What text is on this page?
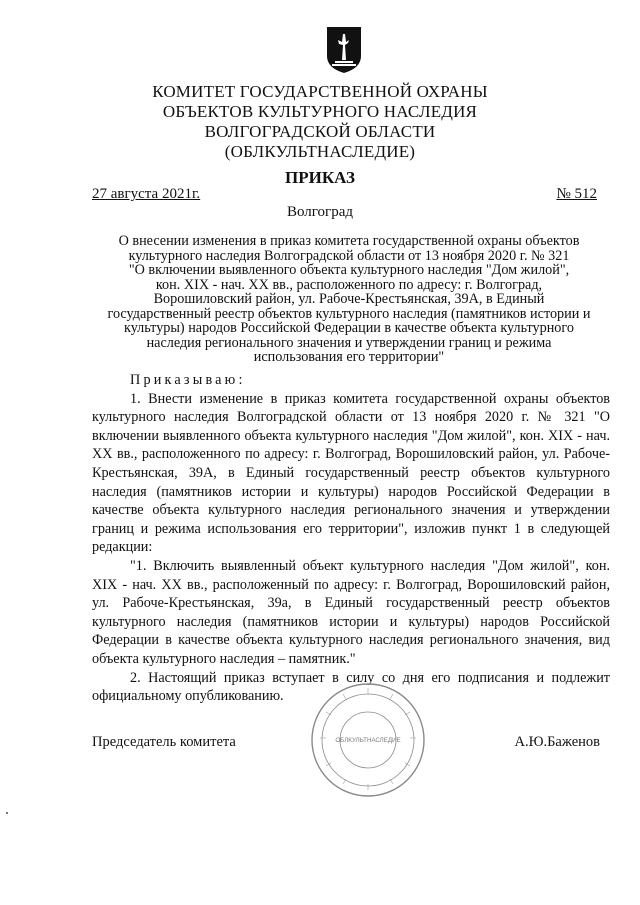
КОМИТЕТ ГОСУДАРСТВЕННОЙ ОХРАНЫ
ОБЪЕКТОВ КУЛЬТУРНОГО НАСЛЕДИЯ
ВОЛГОГРАДСКОЙ ОБЛАСТИ
(ОБЛКУЛЬТНАСЛЕДИЕ)
ПРИКАЗ
27 августа 2021г.	№ 512
Волгоград
О внесении изменения в приказ комитета государственной охраны объектов
культурного наследия Волгоградской области от 13 ноября 2020 г. № 321
"О включении выявленного объекта культурного наследия "Дом жилой",
кон. XIX - нач. XX вв., расположенного по адресу: г. Волгоград,
Ворошиловский район, ул. Рабоче-Крестьянская, 39А, в Единый
государственный реестр объектов культурного наследия (памятников истории и
культуры) народов Российской Федерации в качестве объекта культурного
наследия регионального значения и утверждении границ и режима
использования его территории"

Приказываю:

1. Внести изменение в приказ комитета государственной охраны объектов культурного наследия Волгоградской области от 13 ноября 2020 г. № 321 "О включении выявленного объекта культурного наследия "Дом жилой", кон. XIX - нач. XX вв., расположенного по адресу: г. Волгоград, Ворошиловский район, ул. Рабоче-Крестьянская, 39А, в Единый государственный реестр объектов культурного наследия (памятников истории и культуры) народов Российской Федерации в качестве объекта культурного наследия регионального значения и утверждении границ и режима использования его территории", изложив пункт 1 в следующей редакции:

"1. Включить выявленный объект культурного наследия "Дом жилой", кон. XIX - нач. XX вв., расположенный по адресу: г. Волгоград, Ворошиловский район, ул. Рабоче-Крестьянская, 39а, в Единый государственный реестр объектов культурного наследия (памятников истории и культуры) народов Российской Федерации в качестве объекта культурного наследия регионального значения, вид объекта культурного наследия – памятник."

2. Настоящий приказ вступает в силу со дня его подписания и подлежит официальному опубликованию.

ОБЛКУЛЬТНАСЛЕДИЕ
Председатель комитета	А.Ю.Баженов
